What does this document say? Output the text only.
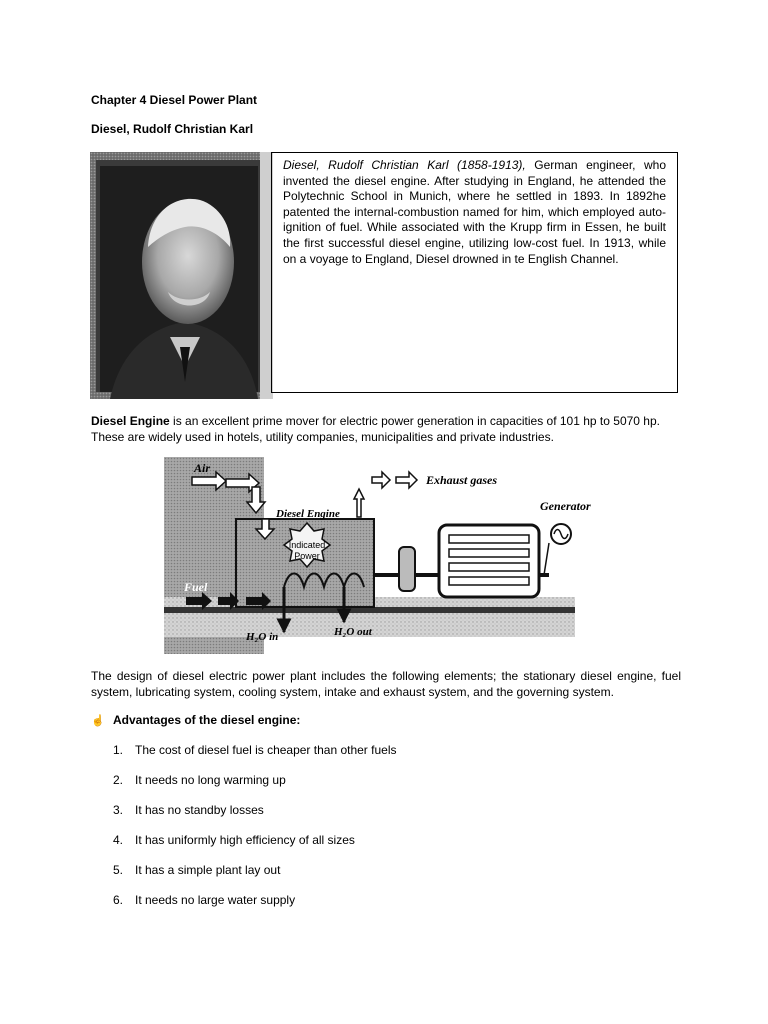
Chapter 4 Diesel Power Plant
Diesel, Rudolf Christian Karl
Diesel, Rudolf Christian Karl (1858-1913), German engineer, who invented the diesel engine. After studying in England, he attended the Polytechnic School in Munich, where he settled in 1893. In 1892he patented the internal-combustion named for him, which employed auto-ignition of fuel. While associated with the Krupp firm in Essen, he built the first successful diesel engine, utilizing low-cost fuel. In 1913, while on a voyage to England, Diesel drowned in te English Channel.
Diesel Engine is an excellent prime mover for electric power generation in capacities of 101 hp to 5070 hp. These are widely used in hotels, utility companies, municipalities and private industries.
Air
Exhaust gases
Diesel Engine
Indicated
Power
Generator
Fuel
H₂O in	H₂O out
The design of diesel electric power plant includes the following elements; the stationary diesel engine, fuel system, lubricating system, cooling system, intake and exhaust system, and the governing system.
☝ Advantages of the diesel engine:
1. The cost of diesel fuel is cheaper than other fuels
2. It needs no long warming up
3. It has no standby losses
4. It has uniformly high efficiency of all sizes
5. It has a simple plant lay out
6. It needs no large water supply
